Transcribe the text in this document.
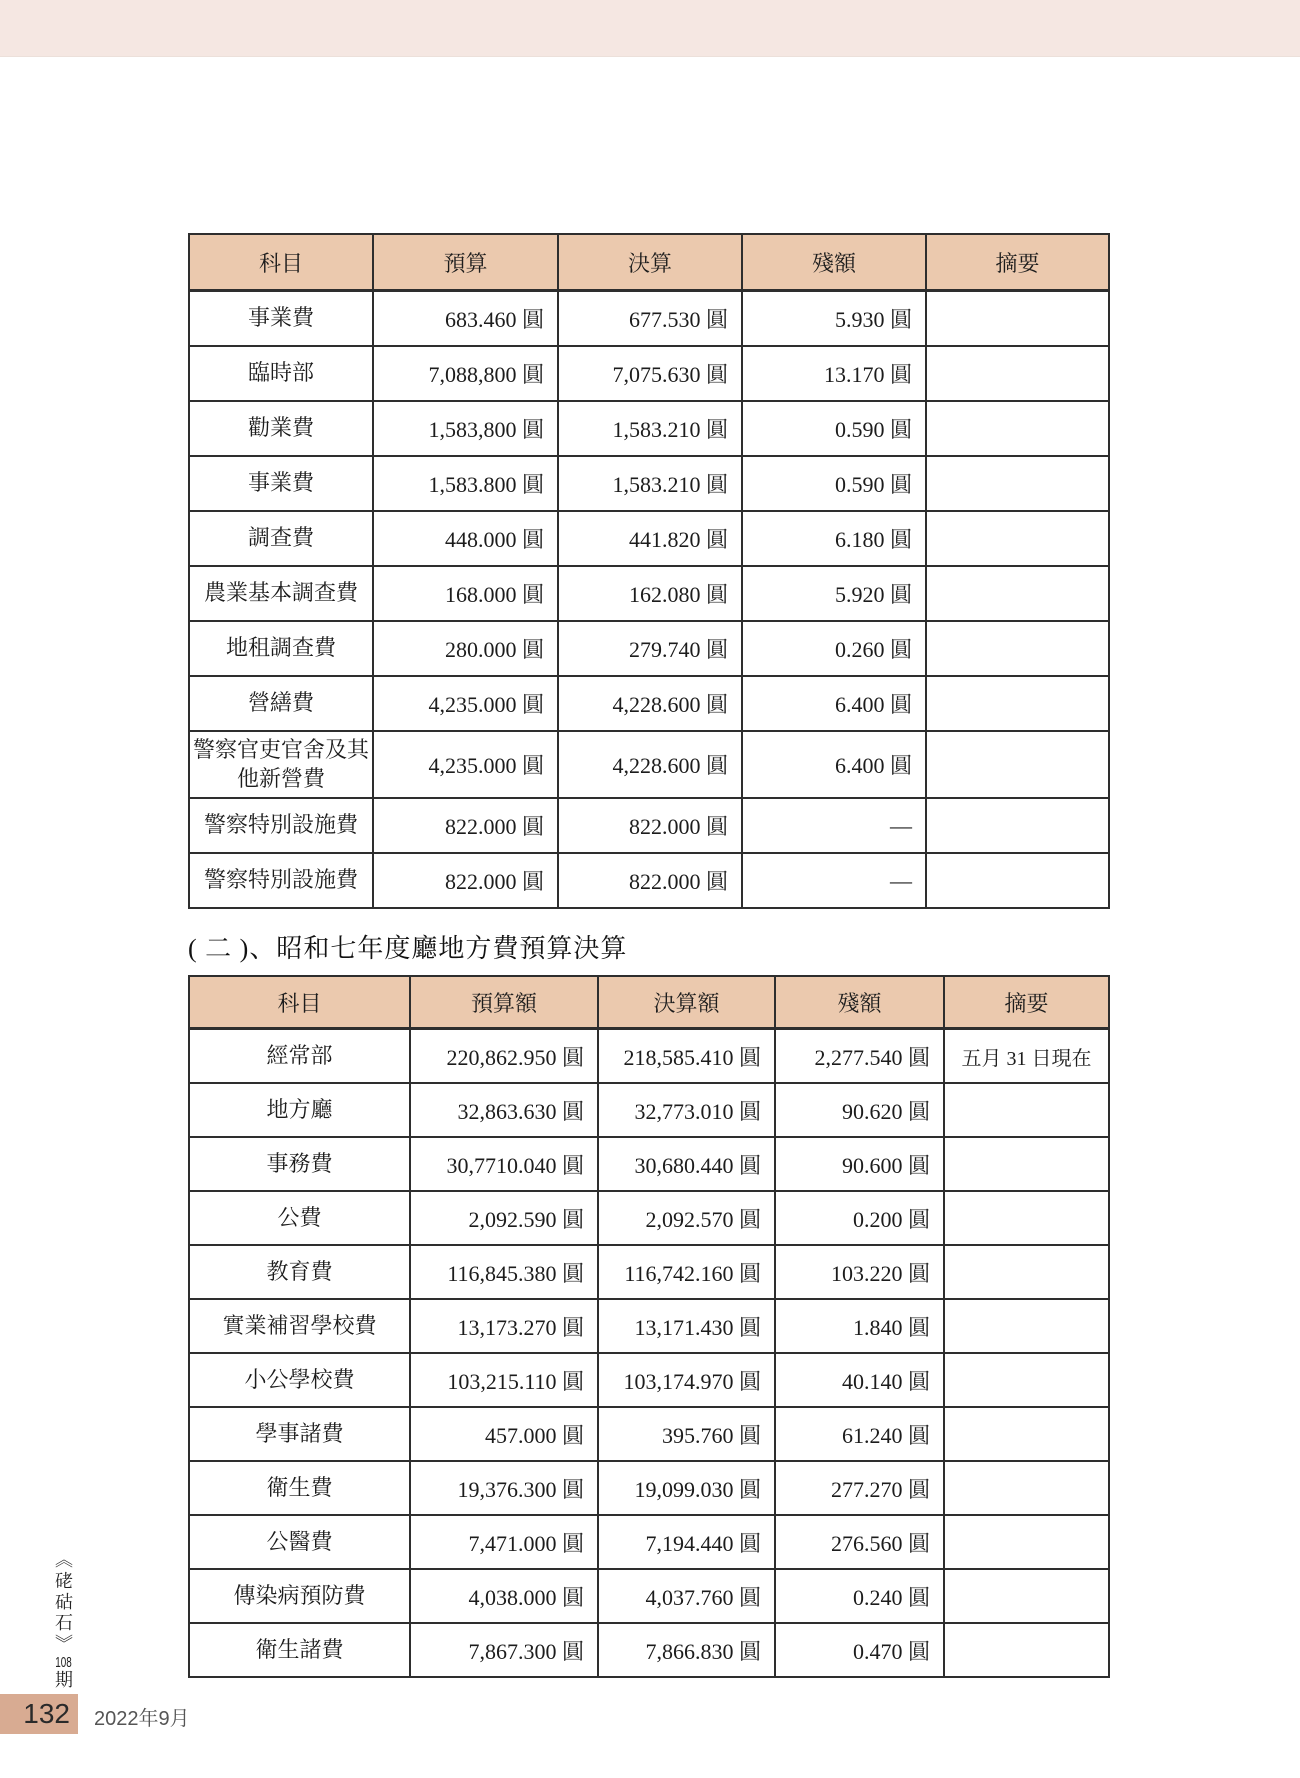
科目	預算	決算	殘額	摘要
事業費	683.460 圓	677.530 圓	5.930 圓	
臨時部	7,088,800 圓	7,075.630 圓	13.170 圓	
勸業費	1,583,800 圓	1,583.210 圓	0.590 圓	
事業費	1,583.800 圓	1,583.210 圓	0.590 圓	
調查費	448.000 圓	441.820 圓	6.180 圓	
農業基本調查費	168.000 圓	162.080 圓	5.920 圓	
地租調查費	280.000 圓	279.740 圓	0.260 圓	
營繕費	4,235.000 圓	4,228.600 圓	6.400 圓	
警察官吏官舍及其他新營費	4,235.000 圓	4,228.600 圓	6.400 圓	
警察特別設施費	822.000 圓	822.000 圓	—	
警察特別設施費	822.000 圓	822.000 圓	—	
( 二 )、昭和七年度廳地方費預算決算
科目	預算額	決算額	殘額	摘要
經常部	220,862.950 圓	218,585.410 圓	2,277.540 圓	五月 31 日現在
地方廳	32,863.630 圓	32,773.010 圓	90.620 圓	
事務費	30,7710.040 圓	30,680.440 圓	90.600 圓	
公費	2,092.590 圓	2,092.570 圓	0.200 圓	
教育費	116,845.380 圓	116,742.160 圓	103.220 圓	
實業補習學校費	13,173.270 圓	13,171.430 圓	1.840 圓	
小公學校費	103,215.110 圓	103,174.970 圓	40.140 圓	
學事諸費	457.000 圓	395.760 圓	61.240 圓	
衛生費	19,376.300 圓	19,099.030 圓	277.270 圓	
公醫費	7,471.000 圓	7,194.440 圓	276.560 圓	
傳染病預防費	4,038.000 圓	4,037.760 圓	0.240 圓	
衛生諸費	7,867.300 圓	7,866.830 圓	0.470 圓	
《硓𥑮石》108期
132 2022年9月
